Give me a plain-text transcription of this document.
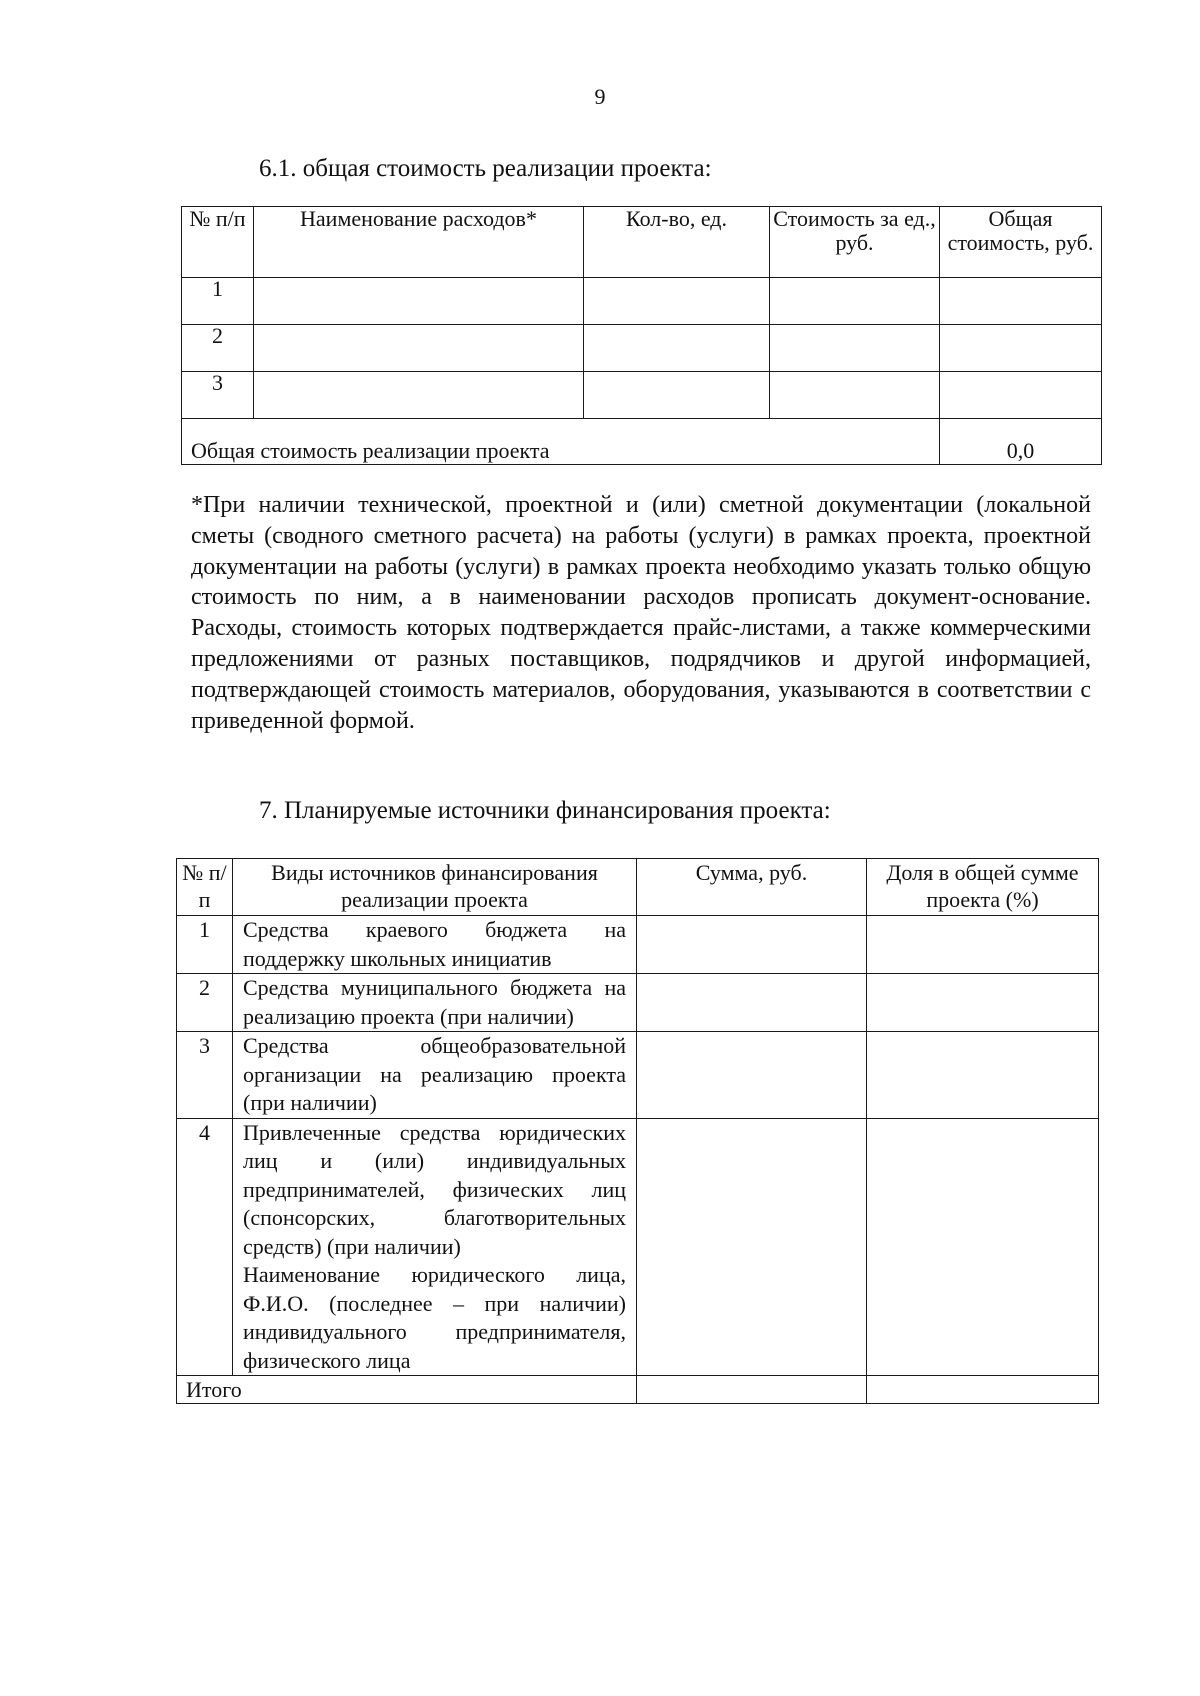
9
6.1. общая стоимость реализации проекта:
№ п/п	Наименование расходов*	Кол-во, ед.	Стоимость за ед., руб.	Общая стоимость, руб.
1				
2				
3				
Общая стоимость реализации проекта				0,0
*При наличии технической, проектной и (или) сметной документации (локальной сметы (сводного сметного расчета) на работы (услуги) в рамках проекта, проектной документации на работы (услуги) в рамках проекта необходимо указать только общую стоимость по ним, а в наименовании расходов прописать документ-основание. Расходы, стоимость которых подтверждается прайс-листами, а также коммерческими предложениями от разных поставщиков, подрядчиков и другой информацией, подтверждающей стоимость материалов, оборудования, указываются в соответствии с приведенной формой.
7. Планируемые источники финансирования проекта:
№ п/п	Виды источников финансирования реализации проекта	Сумма, руб.	Доля в общей сумме проекта (%)
1	Средства краевого бюджета на поддержку школьных инициатив		
2	Средства муниципального бюджета на реализацию проекта (при наличии)		
3	Средства общеобразовательной организации на реализацию проекта (при наличии)		
4	Привлеченные средства юридических лиц и (или) индивидуальных предпринимателей, физических лиц (спонсорских, благотворительных средств) (при наличии)
Наименование юридического лица, Ф.И.О. (последнее – при наличии) индивидуального предпринимателя, физического лица		

Итого			
